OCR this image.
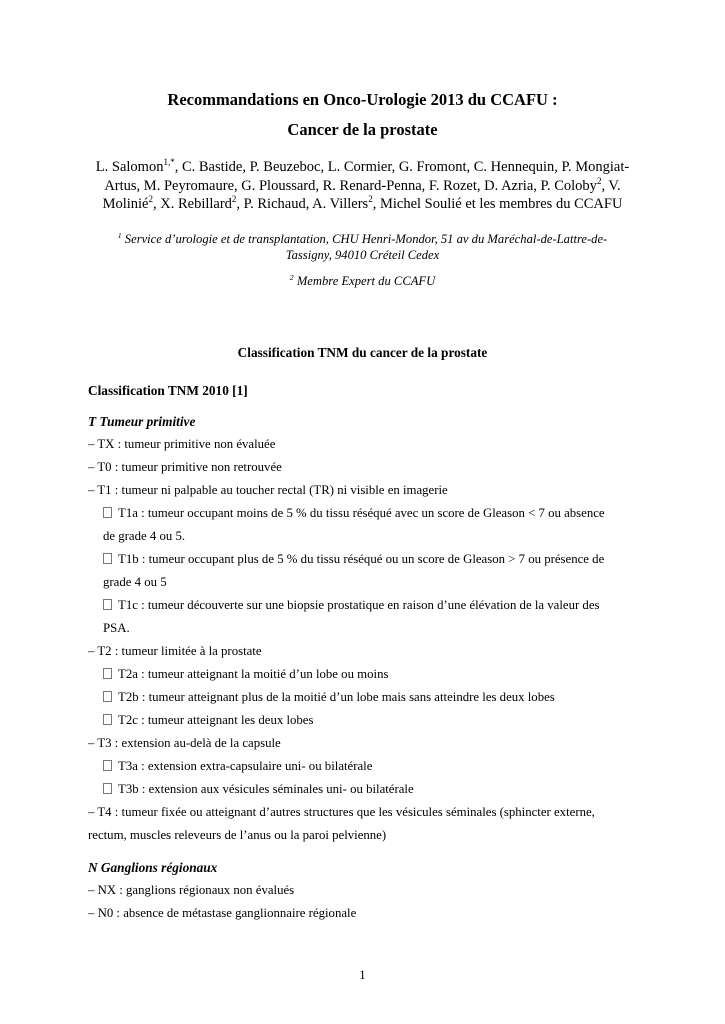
Recommandations en Onco-Urologie 2013 du CCAFU :

Cancer de la prostate

L. Salomon$^{1,*}$, C. Bastide, P. Beuzeboc, L. Cormier, G. Fromont, C. Hennequin, P. Mongiat-Artus, M. Peyromaure, G. Ploussard, R. Renard-Penna, F. Rozet, D. Azria, P. Coloby$^2$, V. Molinié$^2$, X. Rebillard$^2$, P. Richaud, A. Villers$^2$, Michel Soulié et les membres du CCAFU

$^1$ Service d’urologie et de transplantation, CHU Henri-Mondor, 51 av du Maréchal-de-Lattre-de-Tassigny, 94010 Créteil Cedex

$^2$ Membre Expert du CCAFU

Classification TNM du cancer de la prostate

Classification TNM 2010 [1]

T Tumeur primitive

– TX : tumeur primitive non évaluée

– T0 : tumeur primitive non retrouvée

– T1 : tumeur ni palpable au toucher rectal (TR) ni visible en imagerie

T1a : tumeur occupant moins de 5 % du tissu réséqué avec un score de Gleason < 7 ou absence

de grade 4 ou 5.

T1b : tumeur occupant plus de 5 % du tissu réséqué ou un score de Gleason > 7 ou présence de

grade 4 ou 5

T1c : tumeur découverte sur une biopsie prostatique en raison d’une élévation de la valeur des

PSA.

– T2 : tumeur limitée à la prostate

T2a : tumeur atteignant la moitié d’un lobe ou moins

T2b : tumeur atteignant plus de la moitié d’un lobe mais sans atteindre les deux lobes

T2c : tumeur atteignant les deux lobes

– T3 : extension au-delà de la capsule

T3a : extension extra-capsulaire uni- ou bilatérale

T3b : extension aux vésicules séminales uni- ou bilatérale

– T4 : tumeur fixée ou atteignant d’autres structures que les vésicules séminales (sphincter externe,

rectum, muscles releveurs de l’anus ou la paroi pelvienne)

N Ganglions régionaux

– NX : ganglions régionaux non évalués

– N0 : absence de métastase ganglionnaire régionale

1
